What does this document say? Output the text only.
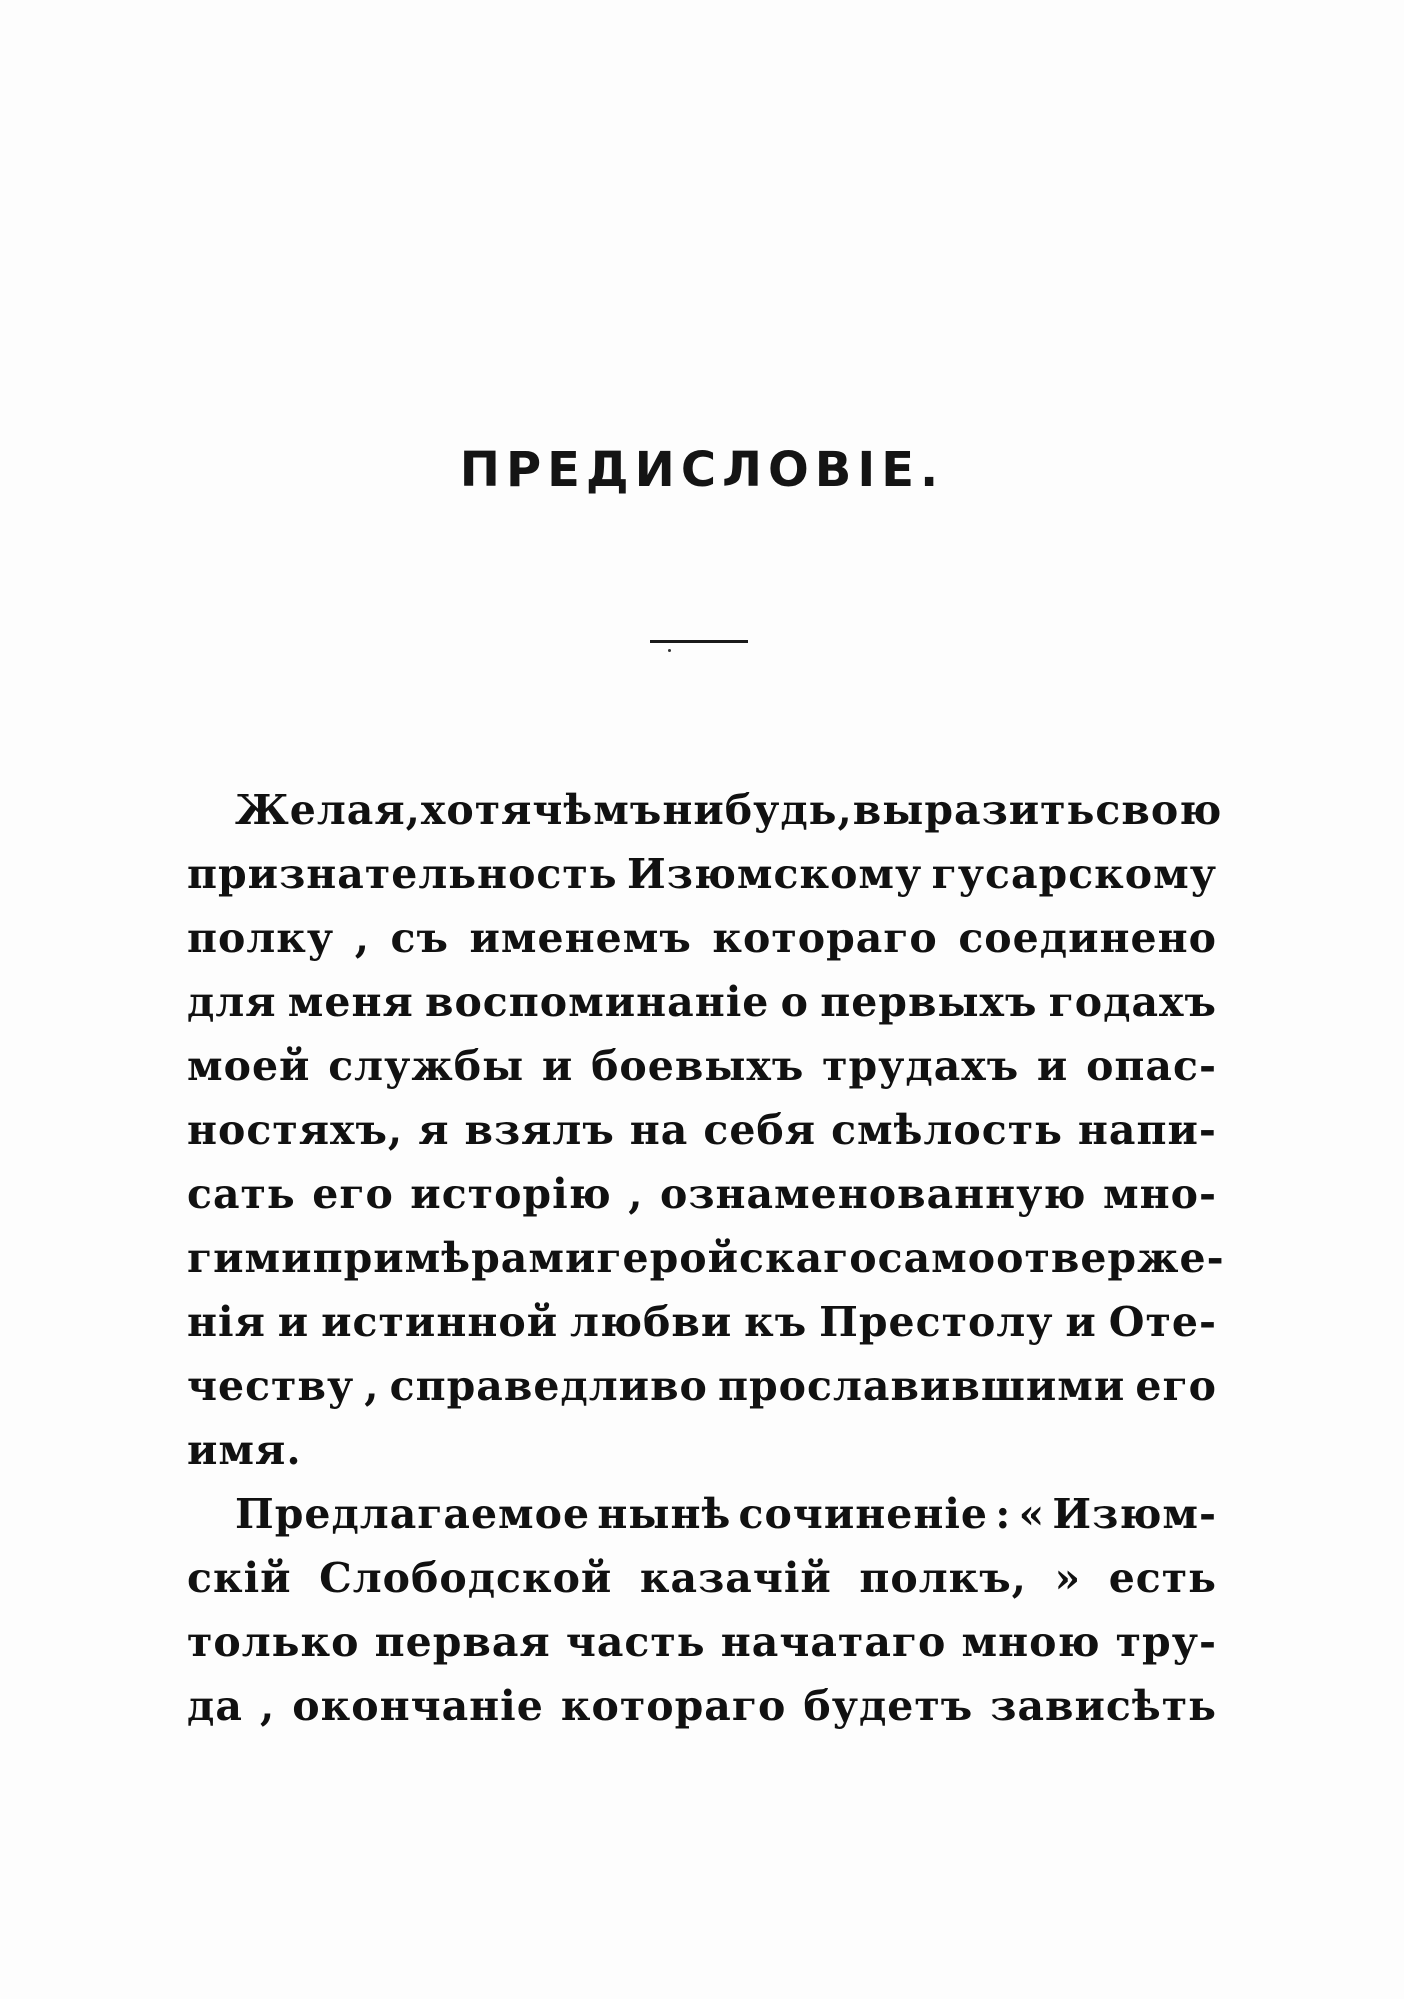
ПРЕДИСЛОВІЕ.
Желая, хотя чѣмъ нибудь, выразить свою
признательность Изюмскому гусарскому
полку , съ именемъ котораго соединено
для меня воспоминаніе о первыхъ годахъ
моей службы и боевыхъ трудахъ и опас-
ностяхъ, я взялъ на себя смѣлость напи-
сать его исторію , ознаменованную мно-
гими примѣрами геройскаго самоотверже-
нія и истинной любви къ Престолу и Оте-
честву , справедливо прославившими его
имя.
Предлагаемое нынѣ сочиненіе : « Изюм-
скій Слободской казачій полкъ, » есть
только первая часть начатаго мною тру-
да , окончаніе котораго будетъ зависѣть
